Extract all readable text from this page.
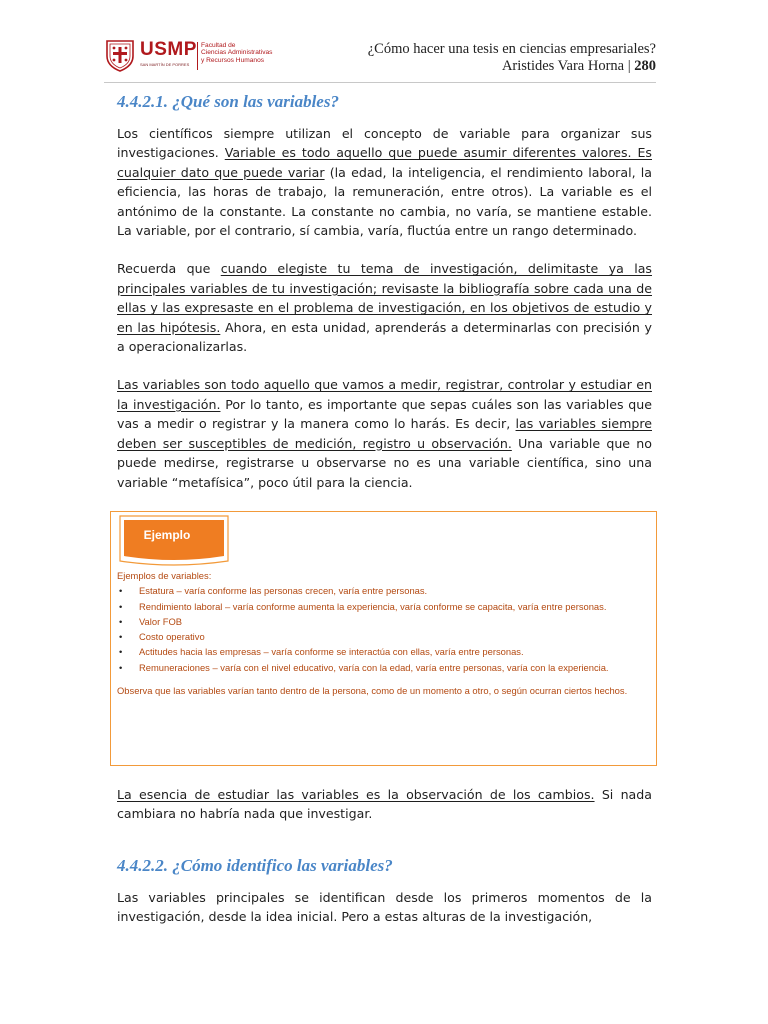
USMP
SAN MARTÍN DE PORRES
Facultad de
Ciencias Administrativas
y Recursos Humanos
¿Cómo hacer una tesis en ciencias empresariales?
Aristides Vara Horna | 280
4.4.2.1. ¿Qué son las variables?

Los científicos siempre utilizan el concepto de variable para organizar sus investigaciones. Variable es todo aquello que puede asumir diferentes valores. Es cualquier dato que puede variar (la edad, la inteligencia, el rendimiento laboral, la eficiencia, las horas de trabajo, la remuneración, entre otros). La variable es el antónimo de la constante. La constante no cambia, no varía, se mantiene estable. La variable, por el contrario, sí cambia, varía, fluctúa entre un rango determinado.

Recuerda que cuando elegiste tu tema de investigación, delimitaste ya las principales variables de tu investigación; revisaste la bibliografía sobre cada una de ellas y las expresaste en el problema de investigación, en los objetivos de estudio y en las hipótesis. Ahora, en esta unidad, aprenderás a determinarlas con precisión y a operacionalizarlas.

Las variables son todo aquello que vamos a medir, registrar, controlar y estudiar en la investigación. Por lo tanto, es importante que sepas cuáles son las variables que vas a medir o registrar y la manera como lo harás. Es decir, las variables siempre deben ser susceptibles de medición, registro u observación. Una variable que no puede medirse, registrarse u observarse no es una variable científica, sino una variable “metafísica”, poco útil para la ciencia.

Ejemplo
Ejemplos de variables:
• Estatura – varía conforme las personas crecen, varía entre personas.
• Rendimiento laboral – varía conforme aumenta la experiencia, varía conforme se capacita, varía entre personas.
• Valor FOB
• Costo operativo
• Actitudes hacia las empresas – varía conforme se interactúa con ellas, varía entre personas.
• Remuneraciones – varía con el nivel educativo, varía con la edad, varía entre personas, varía con la experiencia.

Observa que las variables varían tanto dentro de la persona, como de un momento a otro, o según ocurran ciertos hechos.

La esencia de estudiar las variables es la observación de los cambios. Si nada cambiara no habría nada que investigar.

4.4.2.2. ¿Cómo identifico las variables?

Las variables principales se identifican desde los primeros momentos de la investigación, desde la idea inicial. Pero a estas alturas de la investigación,
